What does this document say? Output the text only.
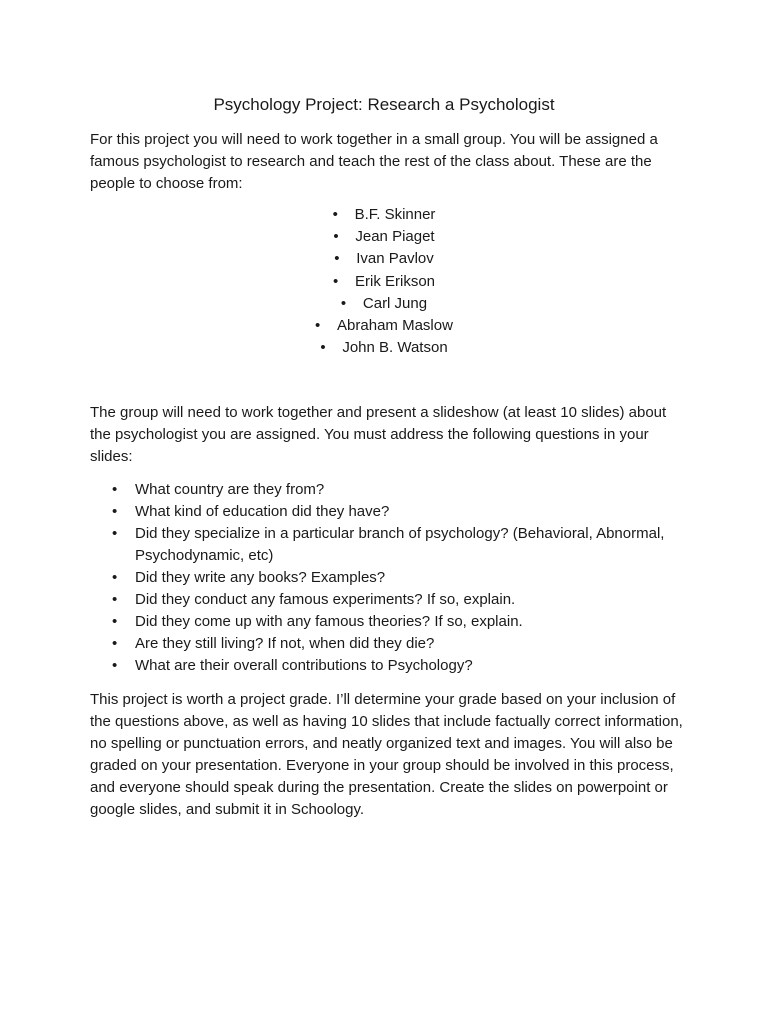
Psychology Project: Research a Psychologist

For this project you will need to work together in a small group. You will be assigned a famous psychologist to research and teach the rest of the class about. These are the people to choose from:

• B.F. Skinner
• Jean Piaget
• Ivan Pavlov
• Erik Erikson
• Carl Jung
• Abraham Maslow
• John B. Watson

The group will need to work together and present a slideshow (at least 10 slides) about the psychologist you are assigned. You must address the following questions in your slides:

• What country are they from?
• What kind of education did they have?
• Did they specialize in a particular branch of psychology? (Behavioral, Abnormal, Psychodynamic, etc)
• Did they write any books? Examples?
• Did they conduct any famous experiments? If so, explain.
• Did they come up with any famous theories? If so, explain.
• Are they still living? If not, when did they die?
• What are their overall contributions to Psychology?

This project is worth a project grade. I’ll determine your grade based on your inclusion of the questions above, as well as having 10 slides that include factually correct information, no spelling or punctuation errors, and neatly organized text and images. You will also be graded on your presentation. Everyone in your group should be involved in this process, and everyone should speak during the presentation. Create the slides on powerpoint or google slides, and submit it in Schoology.
